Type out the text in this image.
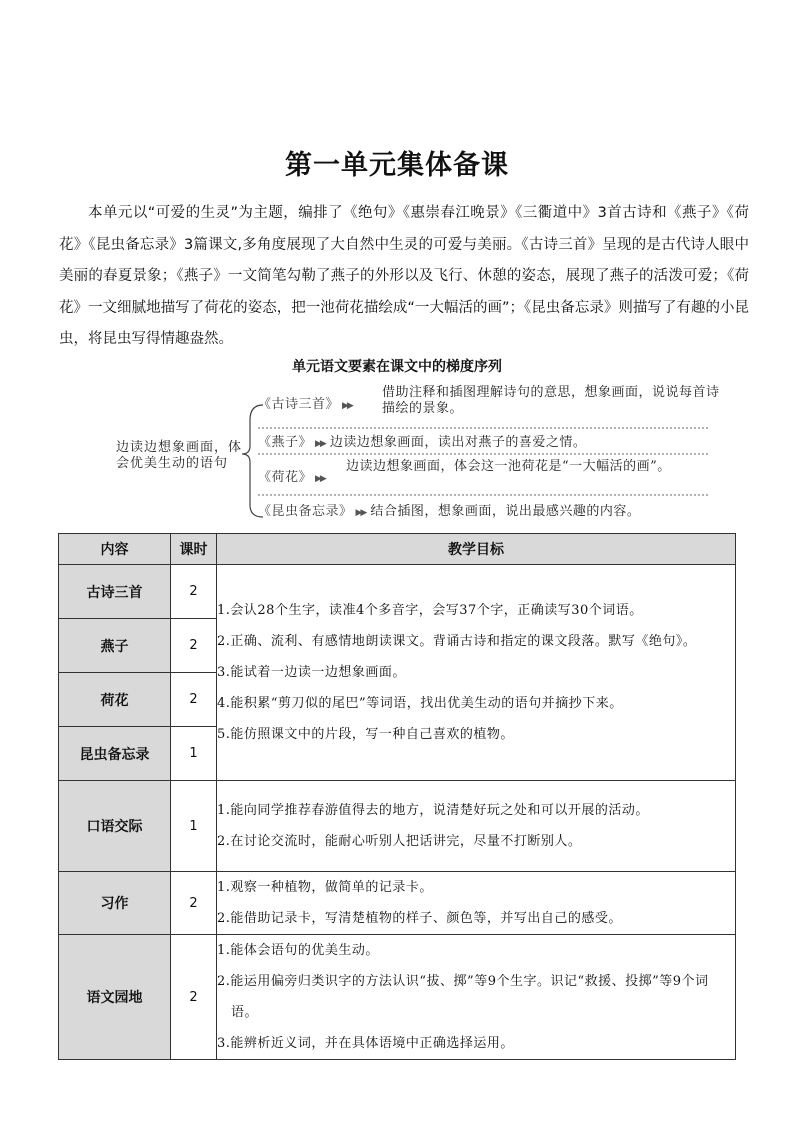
第一单元集体备课

本单元以“可爱的生灵”为主题，编排了《绝句》《惠崇春江晚景》《三衢道中》3首古诗和《燕子》《荷花》《昆虫备忘录》3篇课文,多角度展现了大自然中生灵的可爱与美丽。《古诗三首》呈现的是古代诗人眼中美丽的春夏景象；《燕子》一文简笔勾勒了燕子的外形以及飞行、休憩的姿态，展现了燕子的活泼可爱；《荷花》一文细腻地描写了荷花的姿态，把一池荷花描绘成“一大幅活的画”；《昆虫备忘录》则描写了有趣的小昆虫，将昆虫写得情趣盎然。

单元语文要素在课文中的梯度序列
边读边想象画面，体会优美生动的语句
《古诗三首》 ▶▶
借助注释和插图理解诗句的意思，想象画面，说说每首诗描绘的景象。
《燕子》 ▶▶ 边读边想象画面，读出对燕子的喜爱之情。
《荷花》 ▶▶
边读边想象画面，体会这一池荷花是“一大幅活的画”。
《昆虫备忘录》 ▶▶ 结合插图，想象画面，说出最感兴趣的内容。
内容	课时	教学目标
古诗三首	2	1.会认28个生字，读准4个多音字，会写37个字，正确读写30个词语。
2.正确、流利、有感情地朗读课文。背诵古诗和指定的课文段落。默写《绝句》。
3.能试着一边读一边想象画面。
4.能积累“剪刀似的尾巴”等词语，找出优美生动的语句并摘抄下来。
5.能仿照课文中的片段，写一种自己喜欢的植物。

燕子	2	
荷花	2	
昆虫备忘录	1	
口语交际	1	1.能向同学推荐春游值得去的地方，说清楚好玩之处和可以开展的活动。
2.在讨论交流时，能耐心听别人把话讲完，尽量不打断别人。

习作	2	1.观察一种植物，做简单的记录卡。
2.能借助记录卡，写清楚植物的样子、颜色等，并写出自己的感受。

语文园地	2	1.能体会语句的优美生动。
2.能运用偏旁归类识字的方法认识“拔、掷”等9个生字。识记“救援、投掷”等9个词语。
3.能辨析近义词，并在具体语境中正确选择运用。
